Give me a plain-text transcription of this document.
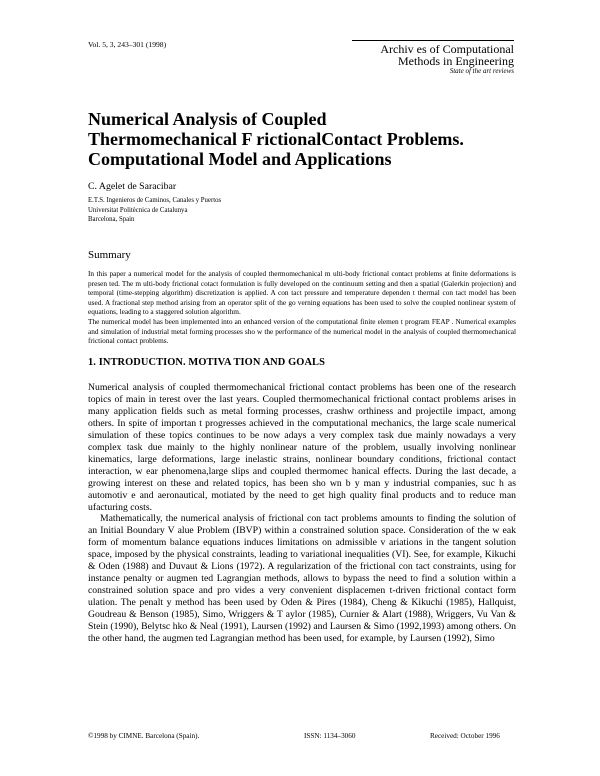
Vol. 5, 3, 243–301 (1998)	Archiv es of Computational
Methods in Engineering
State of the art reviews
Numerical Analysis of Coupled
Thermomechanical F rictionalContact Problems.
Computational Model and Applications
C. Agelet de Saracibar
E.T.S. Ingenieros de Caminos, Canales y Puertos
Universitat Politècnica de Catalunya
Barcelona, Spain
Summary

In this paper a numerical model for the analysis of coupled thermomechanical m ulti-body frictional contact problems at finite deformations is presen ted. The m ulti-body frictional cotact formulation is fully developed on the continuum setting and then a spatial (Galerkin projection) and temporal (time-stepping algorithm) discretization is applied. A con tact pressure and temperature dependen t thermal con tact model has been used. A fractional step method arising from an operator split of the go verning equations has been used to solve the coupled nonlinear system of equations, leading to a staggered solution algorithm.

The numerical model has been implemented into an enhanced version of the computational finite elemen t program FEAP . Numerical examples and simulation of industrial metal forming processes sho w the performance of the numerical model in the analysis of coupled thermomechanical frictional contact problems.

1. INTRODUCTION. MOTIVA TION AND GOALS

Numerical analysis of coupled thermomechanical frictional contact problems has been one of the research topics of main in terest over the last years. Coupled thermomechanical frictional contact problems arises in many application fields such as metal forming processes, crashw orthiness and projectile impact, among others. In spite of importan t progresses achieved in the computational mechanics, the large scale numerical simulation of these topics continues to be now adays a very complex task due mainly nowadays a very complex task due mainly to the highly nonlinear nature of the problem, usually involving nonlinear kinematics, large deformations, large inelastic strains, nonlinear boundary conditions, frictional contact interaction, w ear phenomena,large slips and coupled thermomec hanical effects. During the last decade, a growing interest on these and related topics, has been sho wn b y man y industrial companies, suc h as automotiv e and aeronautical, motiated by the need to get high quality final products and to reduce man ufacturing costs.

Mathematically, the numerical analysis of frictional con tact problems amounts to finding the solution of an Initial Boundary V alue Problem (IBVP) within a constrained solution space. Consideration of the w eak form of momentum balance equations induces limitations on admissible v ariations in the tangent solution space, imposed by the physical constraints, leading to variational inequalities (VI). See, for example, Kikuchi & Oden (1988) and Duvaut & Lions (1972). A regularization of the frictional con tact constraints, using for instance penalty or augmen ted Lagrangian methods, allows to bypass the need to find a solution within a constrained solution space and pro vides a very convenient displacemen t-driven frictional contact form ulation. The penalt y method has been used by Oden & Pires (1984), Cheng & Kikuchi (1985), Hallquist, Goudreau & Benson (1985), Simo, Wriggers & T aylor (1985), Curnier & Alart (1988), Wriggers, Vu Van & Stein (1990), Belytsc hko & Neal (1991), Laursen (1992) and Laursen & Simo (1992,1993) among others. On the other hand, the augmen ted Lagrangian method has been used, for example, by Laursen (1992), Simo

©1998 by CIMNE. Barcelona (Spain).	ISSN: 1134–3060	Received: October 1996
